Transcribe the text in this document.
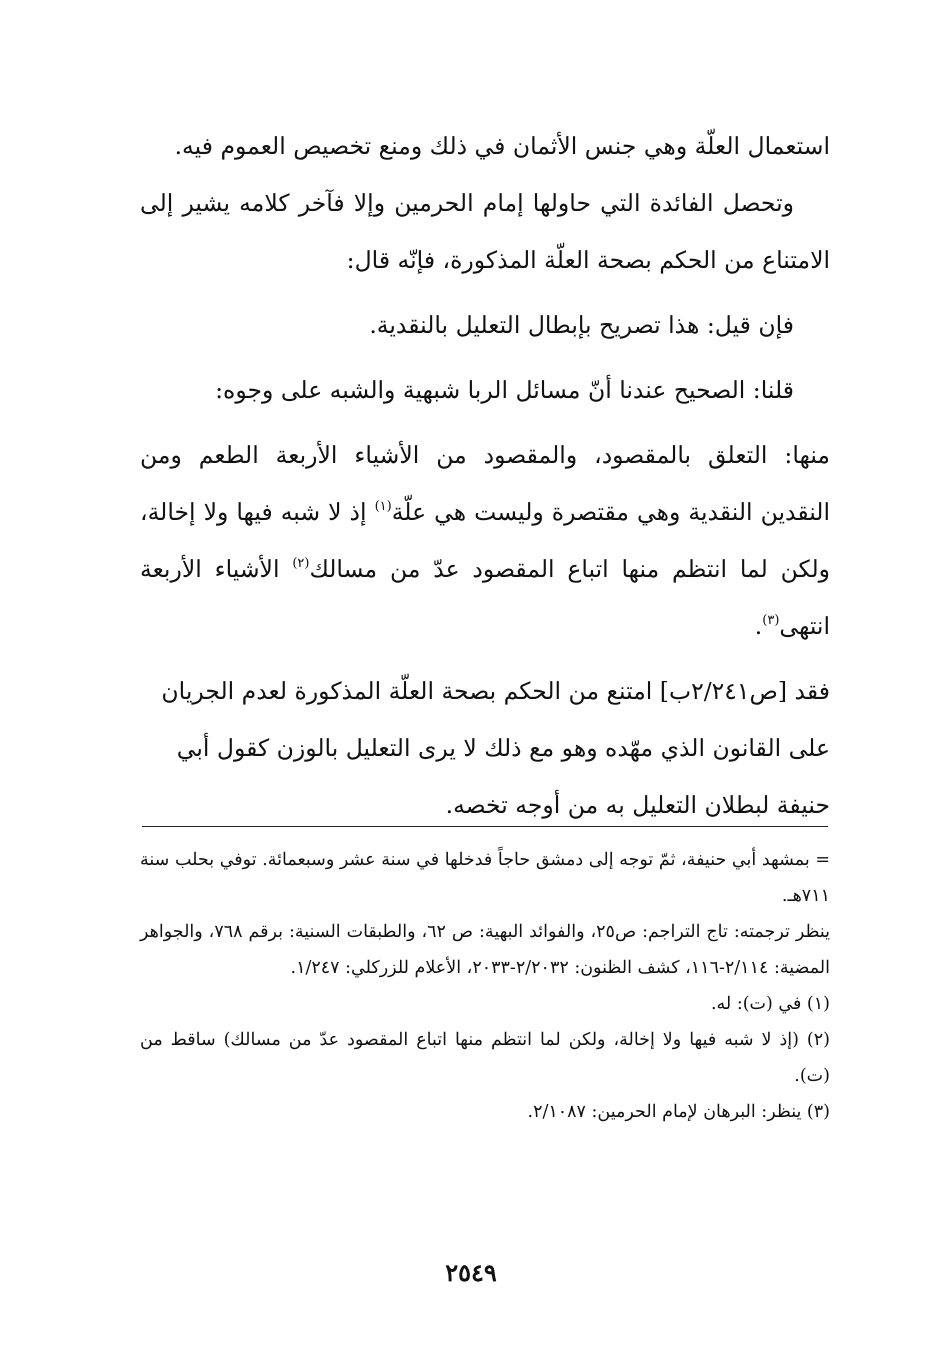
استعمال العلّة وهي جنس الأثمان في ذلك ومنع تخصيص العموم فيه.

وتحصل الفائدة التي حاولها إمام الحرمين وإلا فآخر كلامه يشير إلى الامتناع من الحكم بصحة العلّة المذكورة، فإنّه قال:

فإن قيل: هذا تصريح بإبطال التعليل بالنقدية.

قلنا: الصحيح عندنا أنّ مسائل الربا شبهية والشبه على وجوه:

منها: التعلق بالمقصود، والمقصود من الأشياء الأربعة الطعم ومن النقدين النقدية وهي مقتصرة وليست هي علّة$^{(١)}$ إذ لا شبه فيها ولا إخالة، ولكن لما انتظم منها اتباع المقصود عدّ من مسالك$^{(٢)}$ الأشياء الأربعة انتهى$^{(٣)}$.

فقد [ص٢/٢٤١ب] امتنع من الحكم بصحة العلّة المذكورة لعدم الجريان على القانون الذي مهّده وهو مع ذلك لا يرى التعليل بالوزن كقول أبي حنيفة لبطلان التعليل به من أوجه تخصه.

= بمشهد أبي حنيفة، ثمّ توجه إلى دمشق حاجاً فدخلها في سنة عشر وسبعمائة. توفي بحلب سنة ٧١١هـ.

ينظر ترجمته: تاج التراجم: ص٢٥، والفوائد البهية: ص ٦٢، والطبقات السنية: برقم ٧٦٨، والجواهر المضية: ٢/١١٤-١١٦، كشف الظنون: ٢/٢٠٣٢-٢٠٣٣، الأعلام للزركلي: ١/٢٤٧.

(١) في (ت): له.

(٢) (إذ لا شبه فيها ولا إخالة، ولكن لما انتظم منها اتباع المقصود عدّ من مسالك) ساقط من (ت).

(٣) ينظر: البرهان لإمام الحرمين: ٢/١٠٨٧.

٢٥٤٩
